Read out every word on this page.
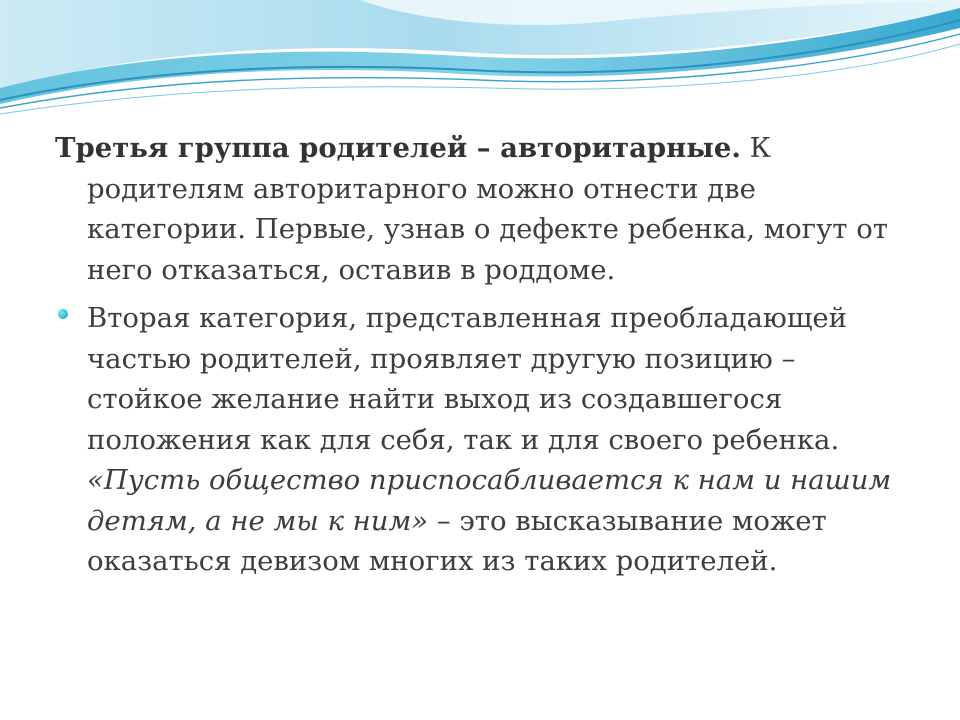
Третья группа родителей – авторитарные. К родителям авторитарного можно отнести две категории. Первые, узнав о дефекте ребенка, могут от него отказаться, оставив в роддоме.

Вторая категория, представленная преобладающей частью родителей, проявляет другую позицию – стойкое желание найти выход из создавшегося положения как для себя, так и для своего ребенка. «Пусть общество приспосабливается к нам и нашим детям, а не мы к ним» – это высказывание может оказаться девизом многих из таких родителей.
